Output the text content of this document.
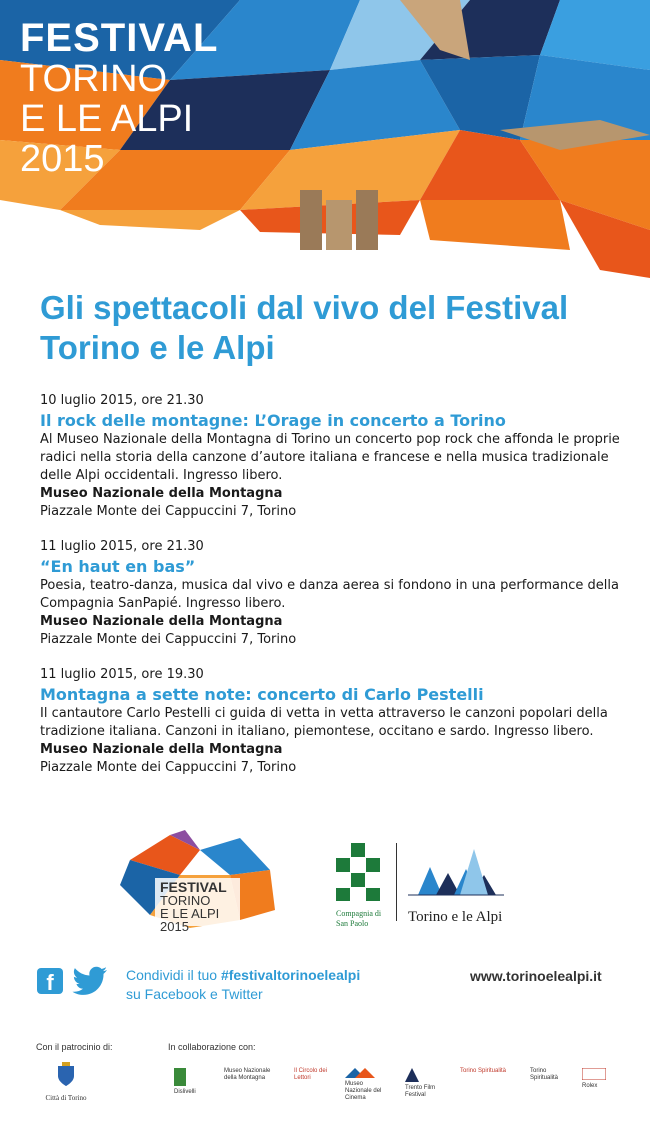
FESTIVAL
TORINO
E LE ALPI
2015
Gli spettacoli dal vivo del Festival Torino e le Alpi
10 luglio 2015, ore 21.30
Il rock delle montagne: L’Orage in concerto a Torino
Al Museo Nazionale della Montagna di Torino un concerto pop rock che affonda le proprie radici nella storia della canzone d’autore italiana e francese e nella musica tradizionale delle Alpi occidentali. Ingresso libero.
Museo Nazionale della Montagna
Piazzale Monte dei Cappuccini 7, Torino
11 luglio 2015, ore 21.30
“En haut en bas”
Poesia, teatro-danza, musica dal vivo e danza aerea si fondono in una performance della Compagnia SanPapié. Ingresso libero.
Museo Nazionale della Montagna
Piazzale Monte dei Cappuccini 7, Torino
11 luglio 2015, ore 19.30
Montagna a sette note: concerto di Carlo Pestelli
Il cantautore Carlo Pestelli ci guida di vetta in vetta attraverso le canzoni popolari della tradizione italiana. Canzoni in italiano, piemontese, occitano e sardo. Ingresso libero.
Museo Nazionale della Montagna
Piazzale Monte dei Cappuccini 7, Torino
FESTIVAL
TORINO
E LE ALPI
2015
Compagnia di San Paolo	Torino e le Alpi
f	Condividi il tuo #festivaltorinoelealpi
su Facebook e Twitter
www.torinoelealpi.it
Con il patrocinio di:	In collaborazione con:
Città di Torino
Dislivelli
Museo Nazionale della Montagna
Il Circolo dei Lettori
Museo Nazionale del Cinema
Trento Film Festival
Torino Spiritualità	Torino Spiritualità
Rolex
